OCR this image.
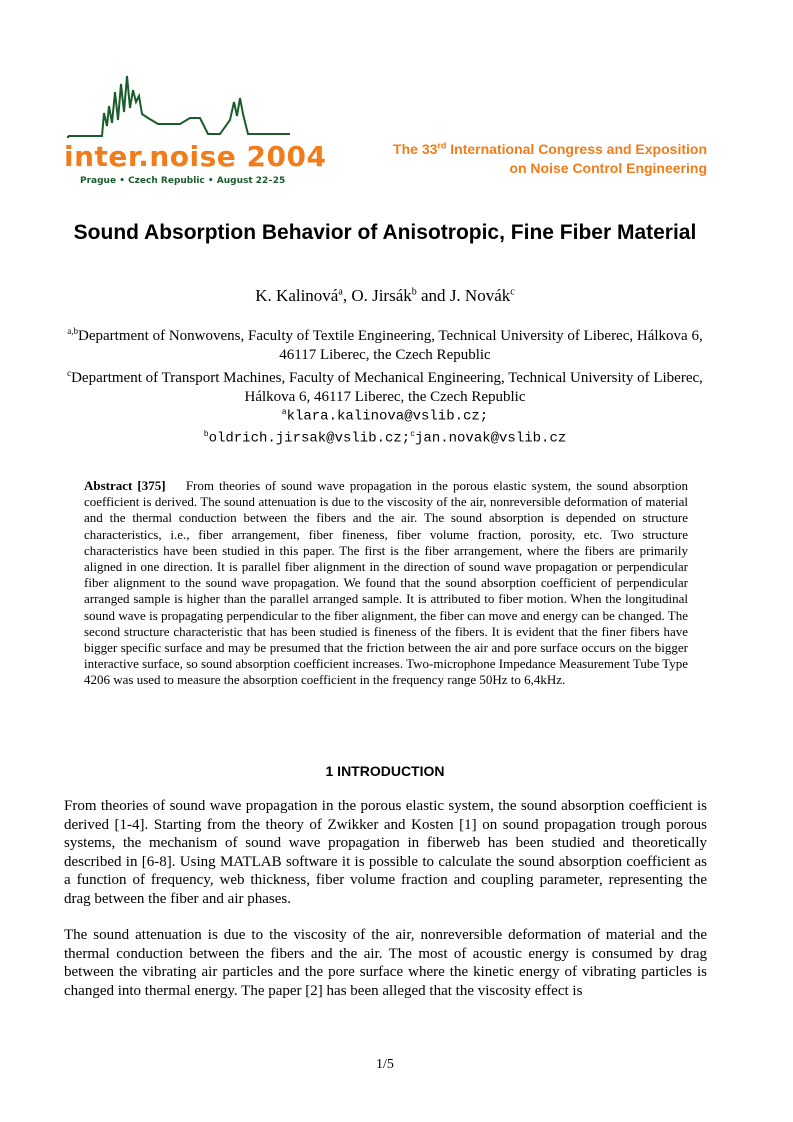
inter.noise 2004
Prague • Czech Republic • August 22–25
The 33rd International Congress and Exposition
on Noise Control Engineering
Sound Absorption Behavior of Anisotropic, Fine Fiber Material
K. Kalinová$^a$, O. Jirsák$^b$ and J. Novák$^c$
$^{a,b}$Department of Nonwovens, Faculty of Textile Engineering, Technical University of Liberec, Hálkova 6, 46117 Liberec, the Czech Republic
$^c$Department of Transport Machines, Faculty of Mechanical Engineering, Technical University of Liberec, Hálkova 6, 46117 Liberec, the Czech Republic
$^a$klara.kalinova@vslib.cz;
$^b$oldrich.jirsak@vslib.cz;$^c$jan.novak@vslib.cz
Abstract [375] From theories of sound wave propagation in the porous elastic system, the sound absorption coefficient is derived. The sound attenuation is due to the viscosity of the air, nonreversible deformation of material and the thermal conduction between the fibers and the air. The sound absorption is depended on structure characteristics, i.e., fiber arrangement, fiber fineness, fiber volume fraction, porosity, etc. Two structure characteristics have been studied in this paper. The first is the fiber arrangement, where the fibers are primarily aligned in one direction. It is parallel fiber alignment in the direction of sound wave propagation or perpendicular fiber alignment to the sound wave propagation. We found that the sound absorption coefficient of perpendicular arranged sample is higher than the parallel arranged sample. It is attributed to fiber motion. When the longitudinal sound wave is propagating perpendicular to the fiber alignment, the fiber can move and energy can be changed. The second structure characteristic that has been studied is fineness of the fibers. It is evident that the finer fibers have bigger specific surface and may be presumed that the friction between the air and pore surface occurs on the bigger interactive surface, so sound absorption coefficient increases. Two-microphone Impedance Measurement Tube Type 4206 was used to measure the absorption coefficient in the frequency range 50Hz to 6,4kHz.
1 INTRODUCTION
From theories of sound wave propagation in the porous elastic system, the sound absorption coefficient is derived [1-4]. Starting from the theory of Zwikker and Kosten [1] on sound propagation trough porous systems, the mechanism of sound wave propagation in fiberweb has been studied and theoretically described in [6-8]. Using MATLAB software it is possible to calculate the sound absorption coefficient as a function of frequency, web thickness, fiber volume fraction and coupling parameter, representing the drag between the fiber and air phases.
The sound attenuation is due to the viscosity of the air, nonreversible deformation of material and the thermal conduction between the fibers and the air. The most of acoustic energy is consumed by drag between the vibrating air particles and the pore surface where the kinetic energy of vibrating particles is changed into thermal energy. The paper [2] has been alleged that the viscosity effect is
1/5
